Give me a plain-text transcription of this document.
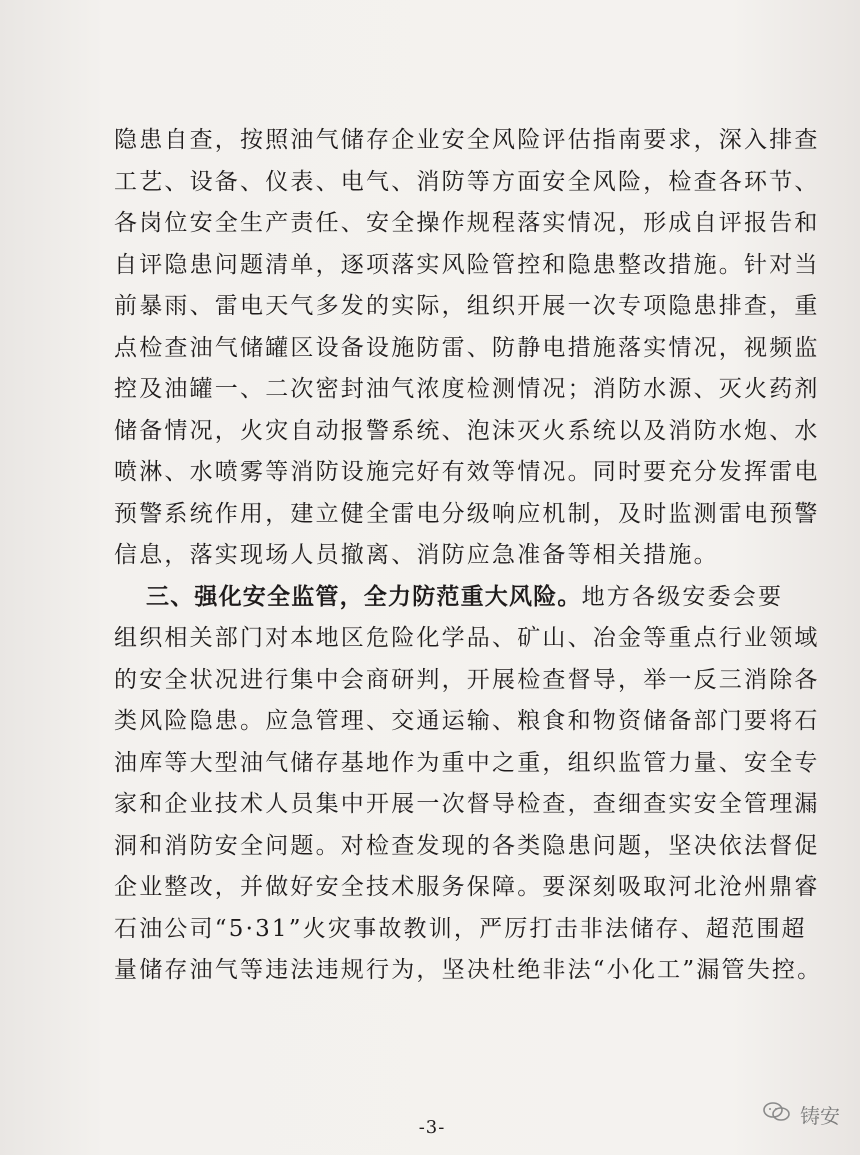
隐患自查，按照油气储存企业安全风险评估指南要求，深入排查
工艺、设备、仪表、电气、消防等方面安全风险，检查各环节、
各岗位安全生产责任、安全操作规程落实情况，形成自评报告和
自评隐患问题清单，逐项落实风险管控和隐患整改措施。针对当
前暴雨、雷电天气多发的实际，组织开展一次专项隐患排查，重
点检查油气储罐区设备设施防雷、防静电措施落实情况，视频监
控及油罐一、二次密封油气浓度检测情况；消防水源、灭火药剂
储备情况，火灾自动报警系统、泡沫灭火系统以及消防水炮、水
喷淋、水喷雾等消防设施完好有效等情况。同时要充分发挥雷电
预警系统作用，建立健全雷电分级响应机制，及时监测雷电预警
信息，落实现场人员撤离、消防应急准备等相关措施。
三、强化安全监管，全力防范重大风险。地方各级安委会要
组织相关部门对本地区危险化学品、矿山、冶金等重点行业领域
的安全状况进行集中会商研判，开展检查督导，举一反三消除各
类风险隐患。应急管理、交通运输、粮食和物资储备部门要将石
油库等大型油气储存基地作为重中之重，组织监管力量、安全专
家和企业技术人员集中开展一次督导检查，查细查实安全管理漏
洞和消防安全问题。对检查发现的各类隐患问题，坚决依法督促
企业整改，并做好安全技术服务保障。要深刻吸取河北沧州鼎睿
石油公司“5·31”火灾事故教训，严厉打击非法储存、超范围超
量储存油气等违法违规行为，坚决杜绝非法“小化工”漏管失控。
-3-	铸安
